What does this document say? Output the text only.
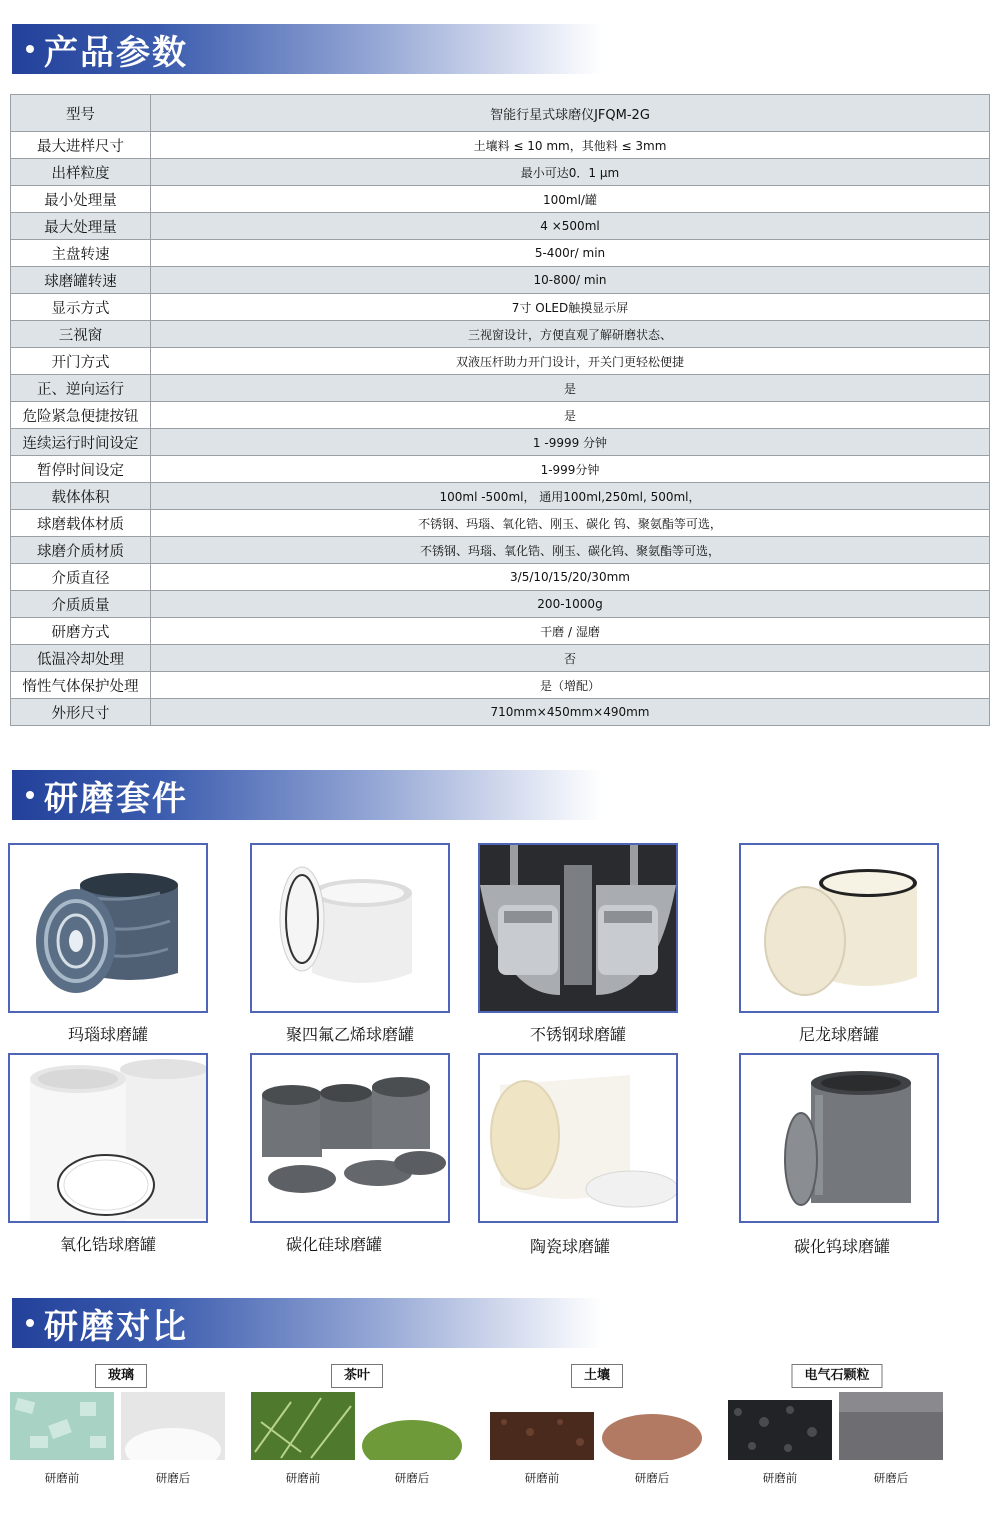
产品参数
型号	智能行星式球磨仪JFQM-2G
最大进样尺寸	土壤料 ≤ 10 mm，其他料 ≤ 3mm
出样粒度	最小可达0．1 µm
最小处理量	100ml/罐
最大处理量	4 ×500ml
主盘转速	5-400r/ min
球磨罐转速	10-800/ min
显示方式	7寸 OLED触摸显示屏
三视窗	三视窗设计，方便直观了解研磨状态、
开门方式	双液压杆助力开门设计，开关门更轻松便捷
正、逆向运行	是
危险紧急便捷按钮	是
连续运行时间设定	1 -9999 分钟
暂停时间设定	1-999分钟
载体体积	100ml -500ml， 通用100ml,250ml, 500ml，
球磨载体材质	不锈钢、玛瑙、氧化锆、刚玉、碳化 钨、聚氨酯等可选，
球磨介质材质	不锈钢、玛瑙、氧化锆、刚玉、碳化钨、聚氨酯等可选，
介质直径	3/5/10/15/20/30mm
介质质量	200-1000g
研磨方式	干磨 / 湿磨
低温冷却处理	否
惰性气体保护处理	是（增配）
外形尺寸	710mm×450mm×490mm
研磨套件
玛瑙球磨罐	聚四氟乙烯球磨罐	不锈钢球磨罐	尼龙球磨罐
氧化锆球磨罐	碳化硅球磨罐	陶瓷球磨罐	碳化钨球磨罐
研磨对比
玻璃
研磨前	研磨后
茶叶
研磨前	研磨后
土壤
研磨前	研磨后
电气石颗粒
研磨前	研磨后
